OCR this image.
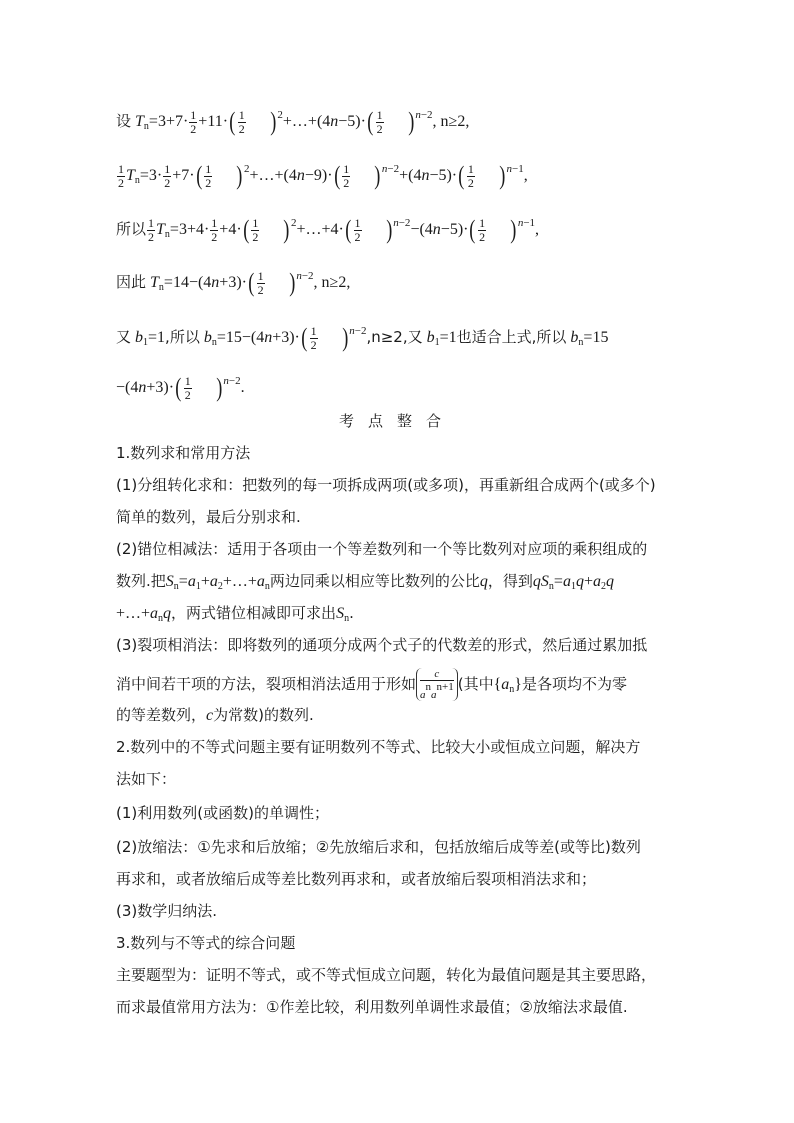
设 $T_n=3+7\cdot \frac{1}{2} +11\cdot( \frac{1}{2}$ )$^2+\dots+(4n-5)\cdot( \frac{1}{2} )^{n-2}$, n≥2,
$\frac{1}{2} T_n=3\cdot \frac{1}{2} +7\cdot( \frac{1}{2}$ )$^2+\dots+(4n-9)\cdot( \frac{1}{2} )^{n-2}+(4n-5)\cdot( \frac{1}{2} )^{n-1}$,
所以 $\frac{1}{2} T_n=3+4\cdot \frac{1}{2} +4\cdot( \frac{1}{2}$ )$^2+\dots+4\cdot( \frac{1}{2} )^{n-2}-(4n-5)\cdot( \frac{1}{2} )^{n-1}$,
因此 $T_n=14-(4n+3)\cdot( \frac{1}{2} )^{n-2}$, n≥2,
又 $b_1=1$,所以 $b_n=15-(4n+3)\cdot( \frac{1}{2} )^{n-2},n\ge 2$,又 $b_1=1$也适合上式,所以 $b_n=15$
$-(4n+3)\cdot( \frac{1}{2} )^{n-2}$.
考点整合
1.数列求和常用方法
(1)分组转化求和：把数列的每一项拆成两项(或多项)，再重新组合成两个(或多个)
简单的数列，最后分别求和.
(2)错位相减法：适用于各项由一个等差数列和一个等比数列对应项的乘积组成的
数列.把$S_n=a_1+a_2+\dots+a_n$两边同乘以相应等比数列的公比q，得到$qS_n=a_1q+a_2q$
$+\dots+a_nq$，两式错位相减即可求出$S_n$.
(3)裂项相消法：即将数列的通项分成两个式子的代数差的形式，然后通过累加抵
消中间若干项的方法，裂项相消法适用于形如 $\frac{c}{a^na^{n+1}}$(其中$\{a_n\}$是各项均不为零
的等差数列，c为常数)的数列.
2.数列中的不等式问题主要有证明数列不等式、比较大小或恒成立问题，解决方
法如下：
(1)利用数列(或函数)的单调性；
(2)放缩法：①先求和后放缩；②先放缩后求和，包括放缩后成等差(或等比)数列
再求和，或者放缩后成等差比数列再求和，或者放缩后裂项相消法求和；
(3)数学归纳法.
3.数列与不等式的综合问题
主要题型为：证明不等式，或不等式恒成立问题，转化为最值问题是其主要思路，
而求最值常用方法为：①作差比较，利用数列单调性求最值；②放缩法求最值.
